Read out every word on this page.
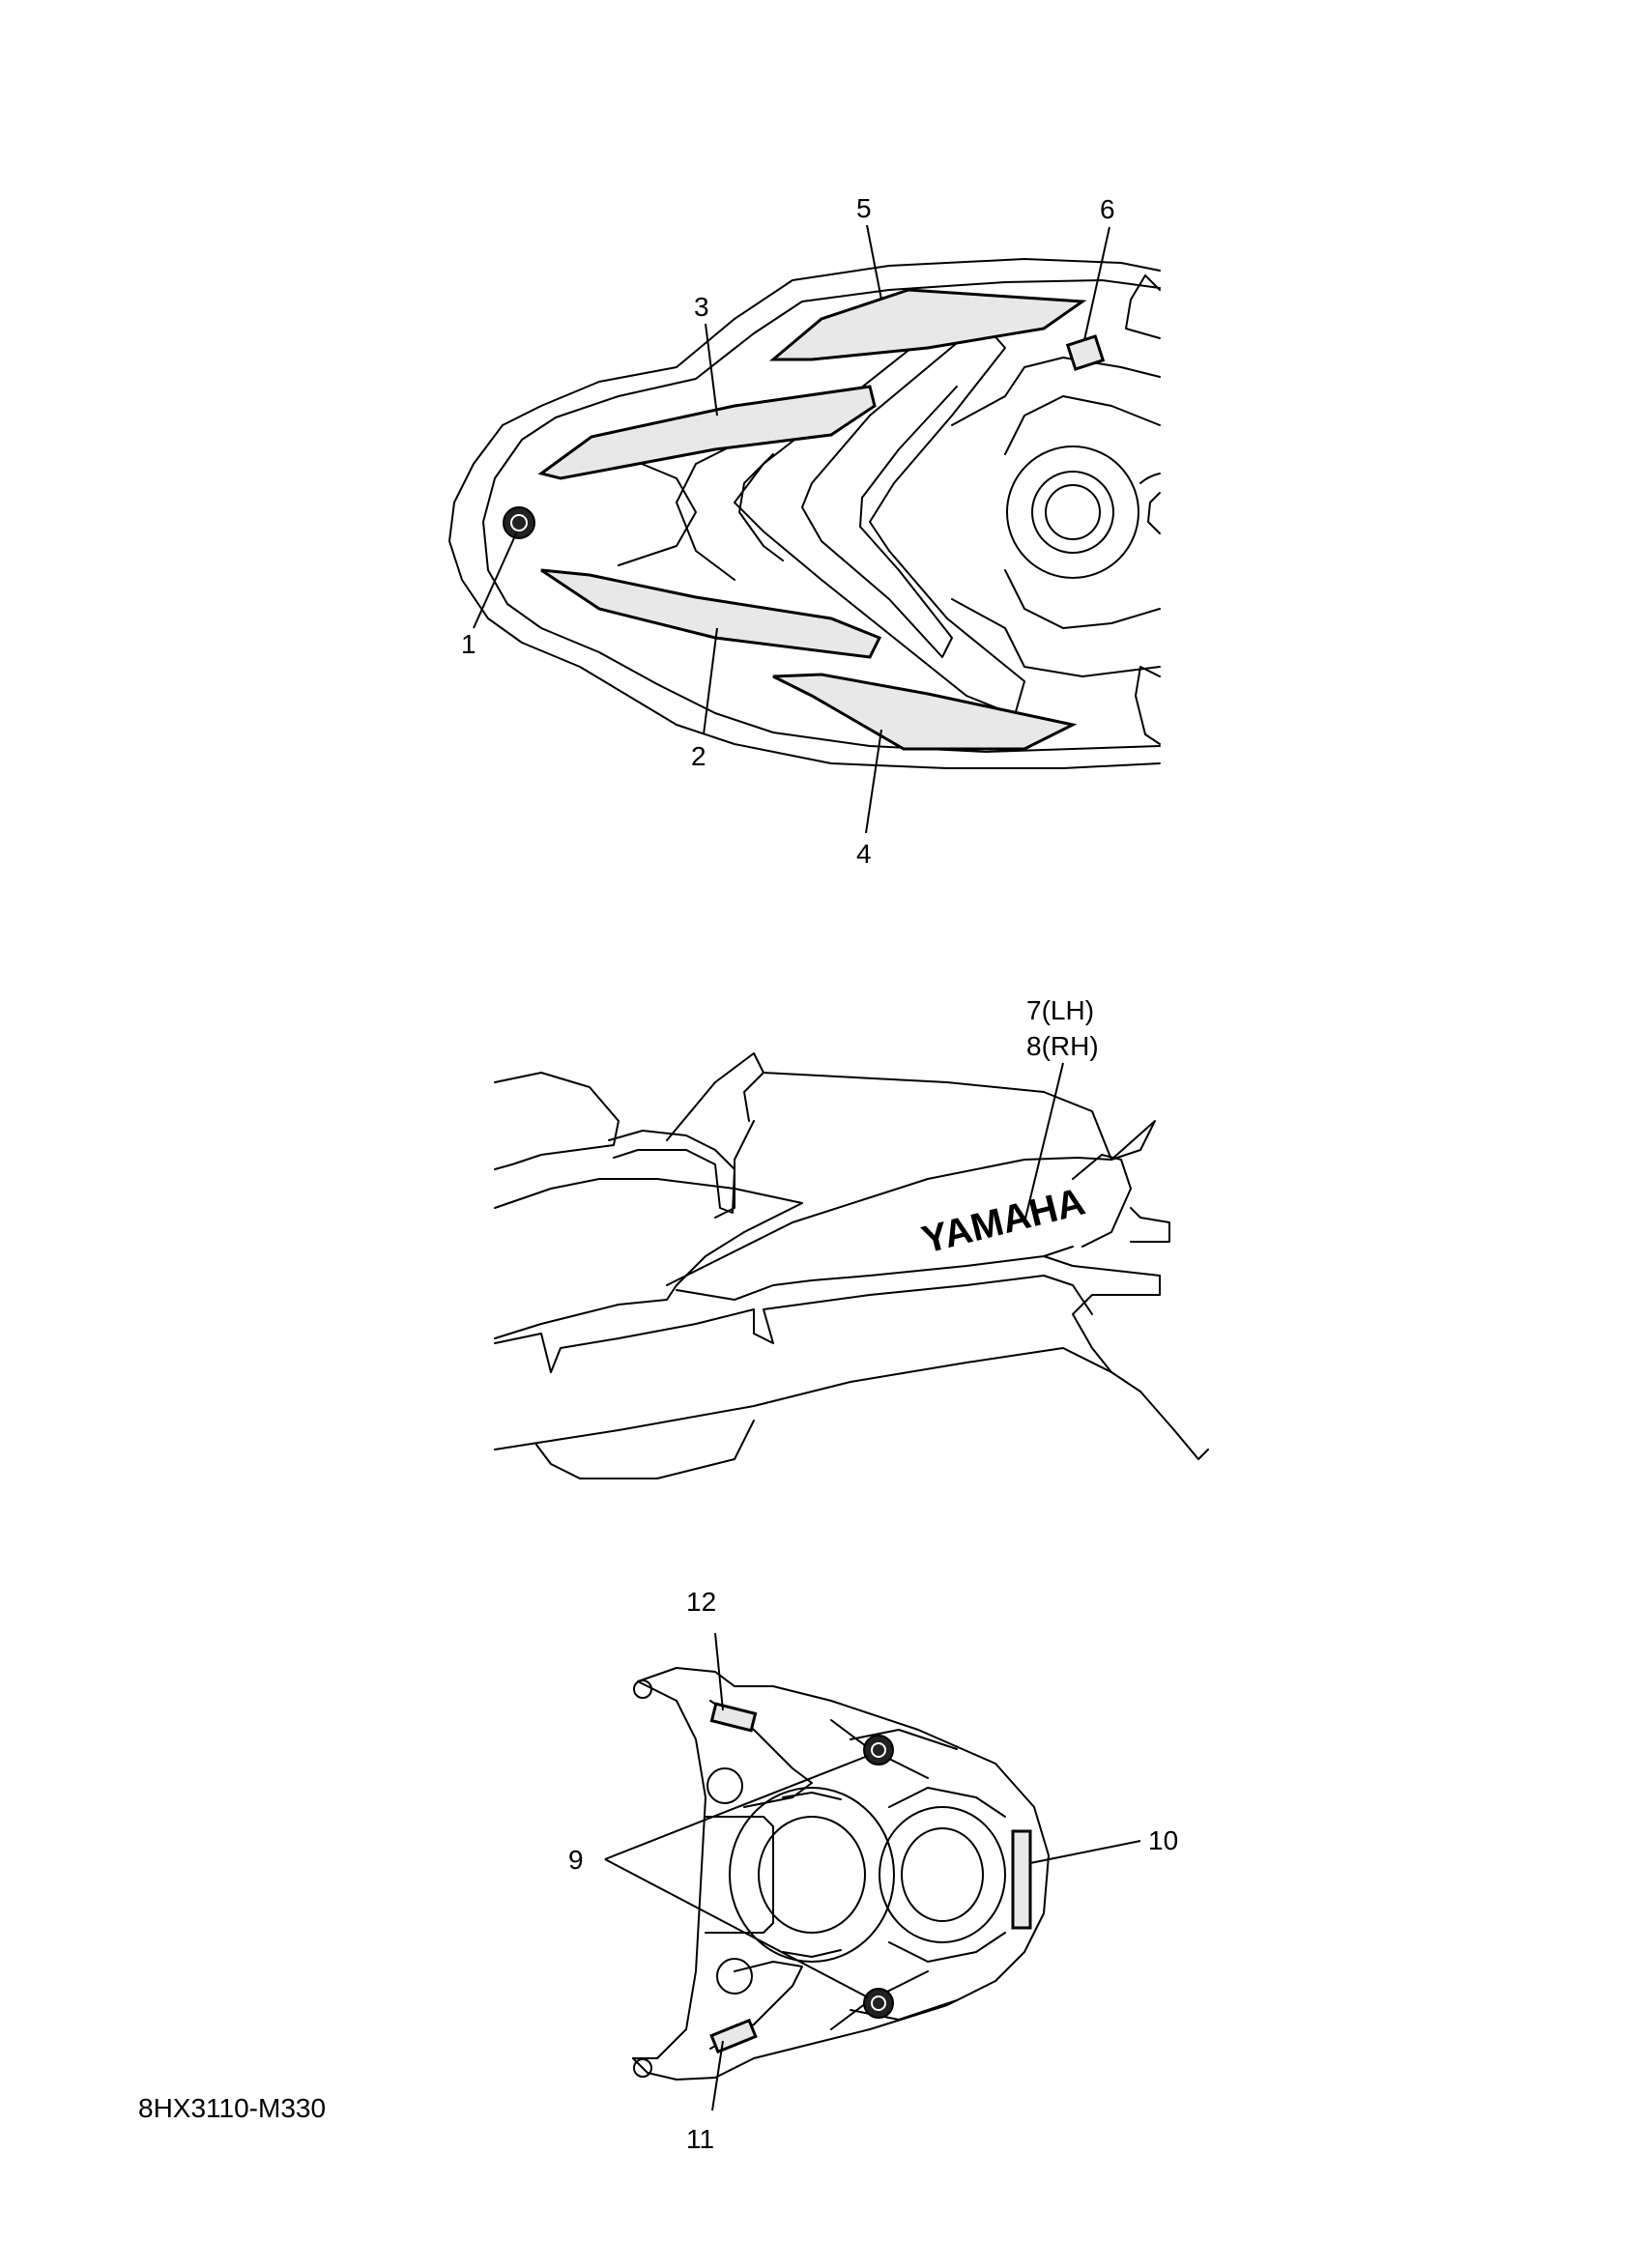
5	6
3
1
2
4
YAMAHA
7(LH)
8(RH)
12
9
10
11
8HX3110-M330
